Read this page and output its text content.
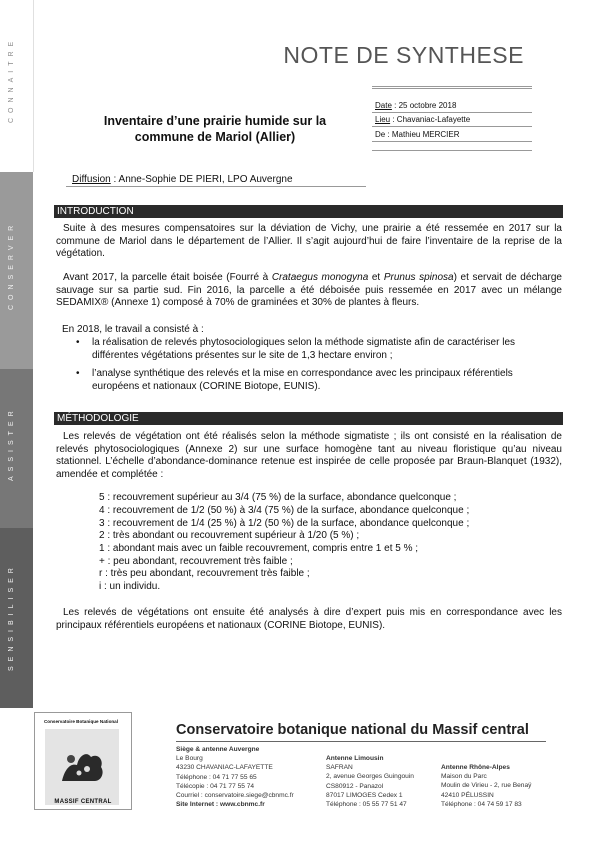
CONNAITRE
CONSERVER
ASSISTER
SENSIBILISER
NOTE DE SYNTHESE
Inventaire d’une prairie humide sur la
commune de Mariol (Allier)
Date : 25 octobre 2018
Lieu : Chavaniac-Lafayette
De : Mathieu MERCIER
Diffusion : Anne-Sophie DE PIERI, LPO Auvergne
INTRODUCTION
Suite à des mesures compensatoires sur la déviation de Vichy, une prairie a été ressemée en 2017 sur la commune de Mariol dans le département de l’Allier. Il s’agit aujourd’hui de faire l’inventaire de la reprise de la végétation.
Avant 2017, la parcelle était boisée (Fourré à Crataegus monogyna et Prunus spinosa) et servait de décharge sauvage sur sa partie sud. Fin 2016, la parcelle a été déboisée puis ressemée en 2017 avec un mélange SEDAMIX® (Annexe 1) composé à 70% de graminées et 30% de plantes à fleurs.
En 2018, le travail a consisté à :
• la réalisation de relevés phytosociologiques selon la méthode sigmatiste afin de caractériser les différentes végétations présentes sur le site de 1,3 hectare environ ;
• l’analyse synthétique des relevés et la mise en correspondance avec les principaux référentiels européens et nationaux (CORINE Biotope, EUNIS).
MÉTHODOLOGIE
Les relevés de végétation ont été réalisés selon la méthode sigmatiste ; ils ont consisté en la réalisation de relevés phytosociologiques (Annexe 2) sur une surface homogène tant au niveau floristique qu’au niveau stationnel. L’échelle d’abondance-dominance retenue est inspirée de celle proposée par Braun-Blanquet (1932), amendée et complétée :
5 : recouvrement supérieur au 3/4 (75 %) de la surface, abondance quelconque ;
4 : recouvrement de 1/2 (50 %) à 3/4 (75 %) de la surface, abondance quelconque ;
3 : recouvrement de 1/4 (25 %) à 1/2 (50 %) de la surface, abondance quelconque ;
2 : très abondant ou recouvrement supérieur à 1/20 (5 %) ;
1 : abondant mais avec un faible recouvrement, compris entre 1 et 5 % ;
+ : peu abondant, recouvrement très faible ;
r : très peu abondant, recouvrement très faible ;
i : un individu.
Les relevés de végétations ont ensuite été analysés à dire d’expert puis mis en correspondance avec les principaux référentiels européens et nationaux (CORINE Biotope, EUNIS).
Conservatoire Botanique National
MASSIF CENTRAL
Conservatoire botanique national du Massif central
Siège & antenne Auvergne
Le Bourg
43230 CHAVANIAC-LAFAYETTE
Téléphone : 04 71 77 55 65
Télécopie : 04 71 77 55 74
Courriel : conservatoire.siege@cbnmc.fr
Site Internet : www.cbnmc.fr
Antenne Limousin
SAFRAN
2, avenue Georges Guingouin
CS80912 - Panazol
87017 LIMOGES Cedex 1
Téléphone : 05 55 77 51 47
Antenne Rhône-Alpes
Maison du Parc
Moulin de Virieu - 2, rue Benaÿ
42410 PÉLUSSIN
Téléphone : 04 74 59 17 83
